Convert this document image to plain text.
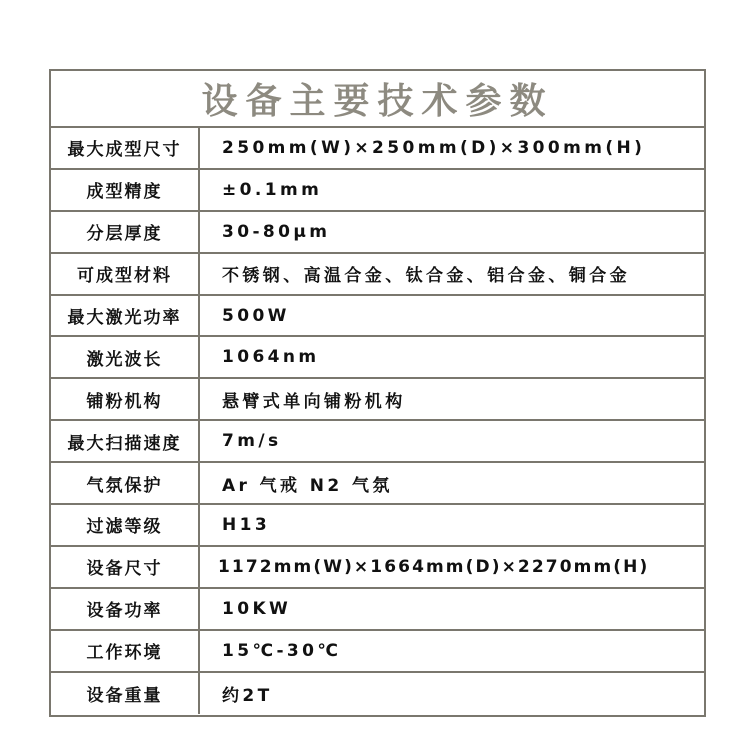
设备主要技术参数
最大成型尺寸	250mm(W)×250mm(D)×300mm(H)
成型精度	±0.1mm
分层厚度	30-80μm
可成型材料	不锈钢、高温合金、钛合金、铝合金、铜合金
最大激光功率	500W
激光波长	1064nm
铺粉机构	悬臂式单向铺粉机构
最大扫描速度	7m/s
气氛保护	Ar 气戒 N2 气氛
过滤等级	H13
设备尺寸	1172mm(W)×1664mm(D)×2270mm(H)
设备功率	10KW
工作环境	15℃-30℃
设备重量	约2T
